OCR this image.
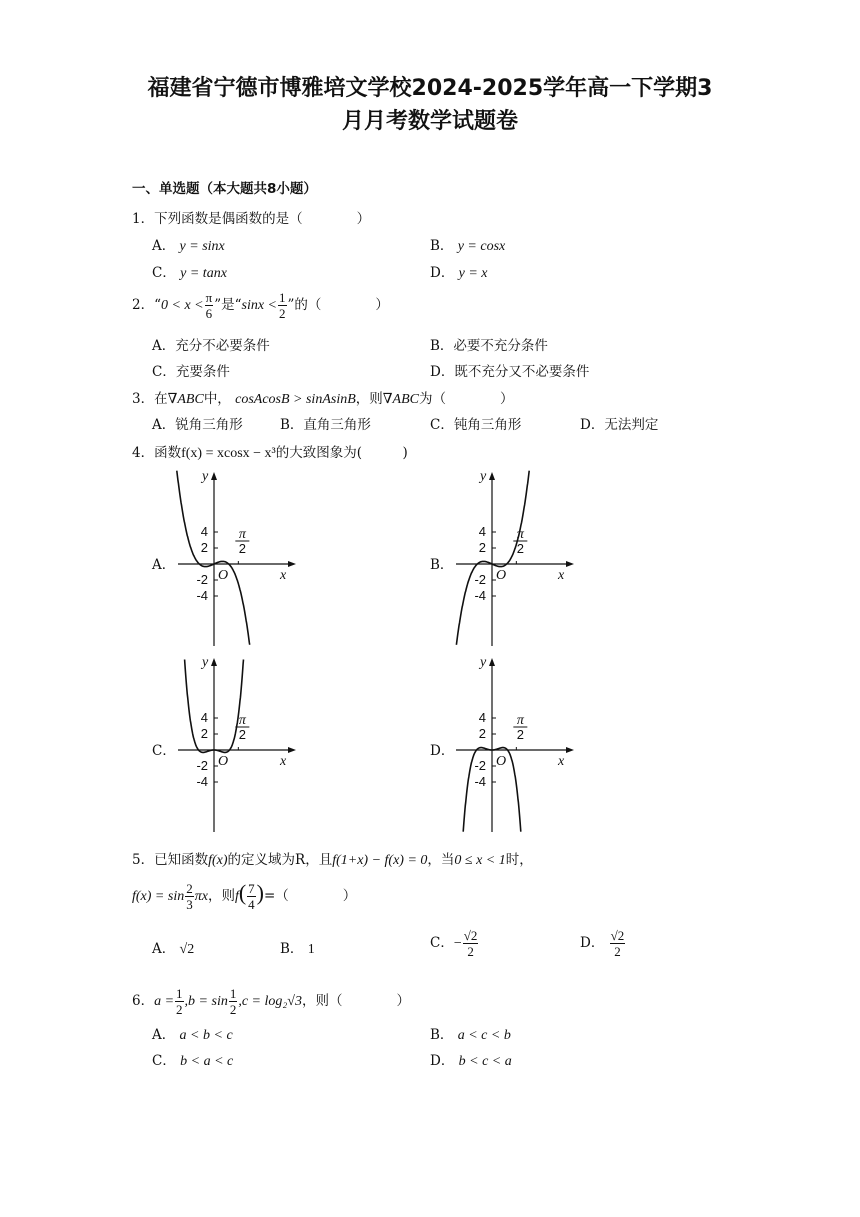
福建省宁德市博雅培文学校2024-2025学年高一下学期3
月月考数学试题卷
一、单选题（本大题共8小题）
1．下列函数是偶函数的是（　　　　）
A． y = sinx	B． y = cosx
C． y = tanx	D． y = x
2．“$0 < x < \frac{\pi}{6}$ ”是“$\sin x < \frac{1}{2}$ ”的（　　　　）
A．充分不必要条件	B．必要不充分条件
C．充要条件	D．既不充分又不必要条件
3．在∇ABC中， cosAcosB > sinAsinB，则∇ABC为（　　　　）
A．锐角三角形	B．直角三角形	C．钝角三角形	D．无法判定
4．函数f(x) = xcosx − x³的大致图象为(　　　)
A．	B．
C．	D．
4
2
-2
-4
y
x
O
π
2
4
2
-2
-4
y
x
O
π
2
4
2
-2
-4
y
x
O
π
2
4
2
-2
-4
y
x
O
π
2
5．已知函数f(x)的定义域为R，且f(1+x) − f(x) = 0，当0 ≤ x < 1时，
$f(x) = \sin \frac{2}{3}$ πx，则$f( \frac{7}{4}$ )=（　　　　）
A． √2	B． 1	C．− $\frac{√2}{2}$	D． $\frac{√2}{2}$
6．$a = \frac{1}{2} ,b = \sin \frac{1}{2} ,c = \log_2√3$，则（　　　　）
A． a < b < c	B． a < c < b
C． b < a < c	D． b < c < a
